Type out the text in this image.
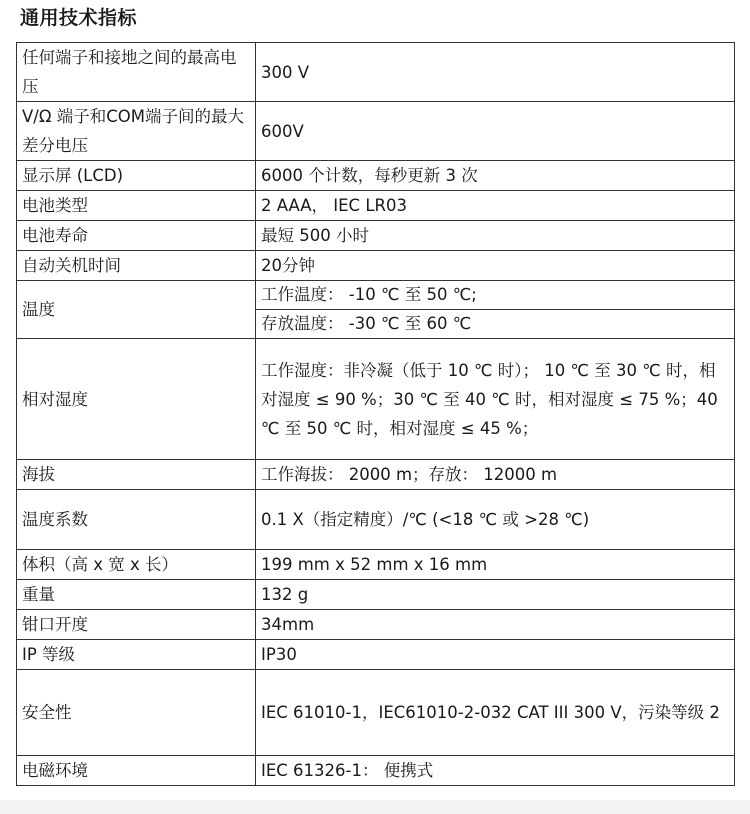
通用技术指标
任何端子和接地之间的最高电压	300 V
V/Ω 端子和COM端子间的最大差分电压	600V
显示屏 (LCD)	6000 个计数，每秒更新 3 次
电池类型	2 AAA， IEC LR03
电池寿命	最短 500 小时
自动关机时间	20分钟
温度	工作温度： -10 ℃ 至 50 ℃;
存放温度： -30 ℃ 至 60 ℃

相对湿度	工作湿度：非冷凝（低于 10 ℃ 时）； 10 ℃ 至 30 ℃ 时，相对湿度 ≤ 90 %；30 ℃ 至 40 ℃ 时，相对湿度 ≤ 75 %；40 ℃ 至 50 ℃ 时，相对湿度 ≤ 45 %；
海拔	工作海拔： 2000 m；存放： 12000 m
温度系数	0.1 X（指定精度）/℃ (<18 ℃ 或 >28 ℃)
体积（高 x 宽 x 长）	199 mm x 52 mm x 16 mm
重量	132 g
钳口开度	34mm
IP 等级	IP30
安全性	IEC 61010-1，IEC61010-2-032 CAT III 300 V，污染等级 2
电磁环境	IEC 61326-1： 便携式
